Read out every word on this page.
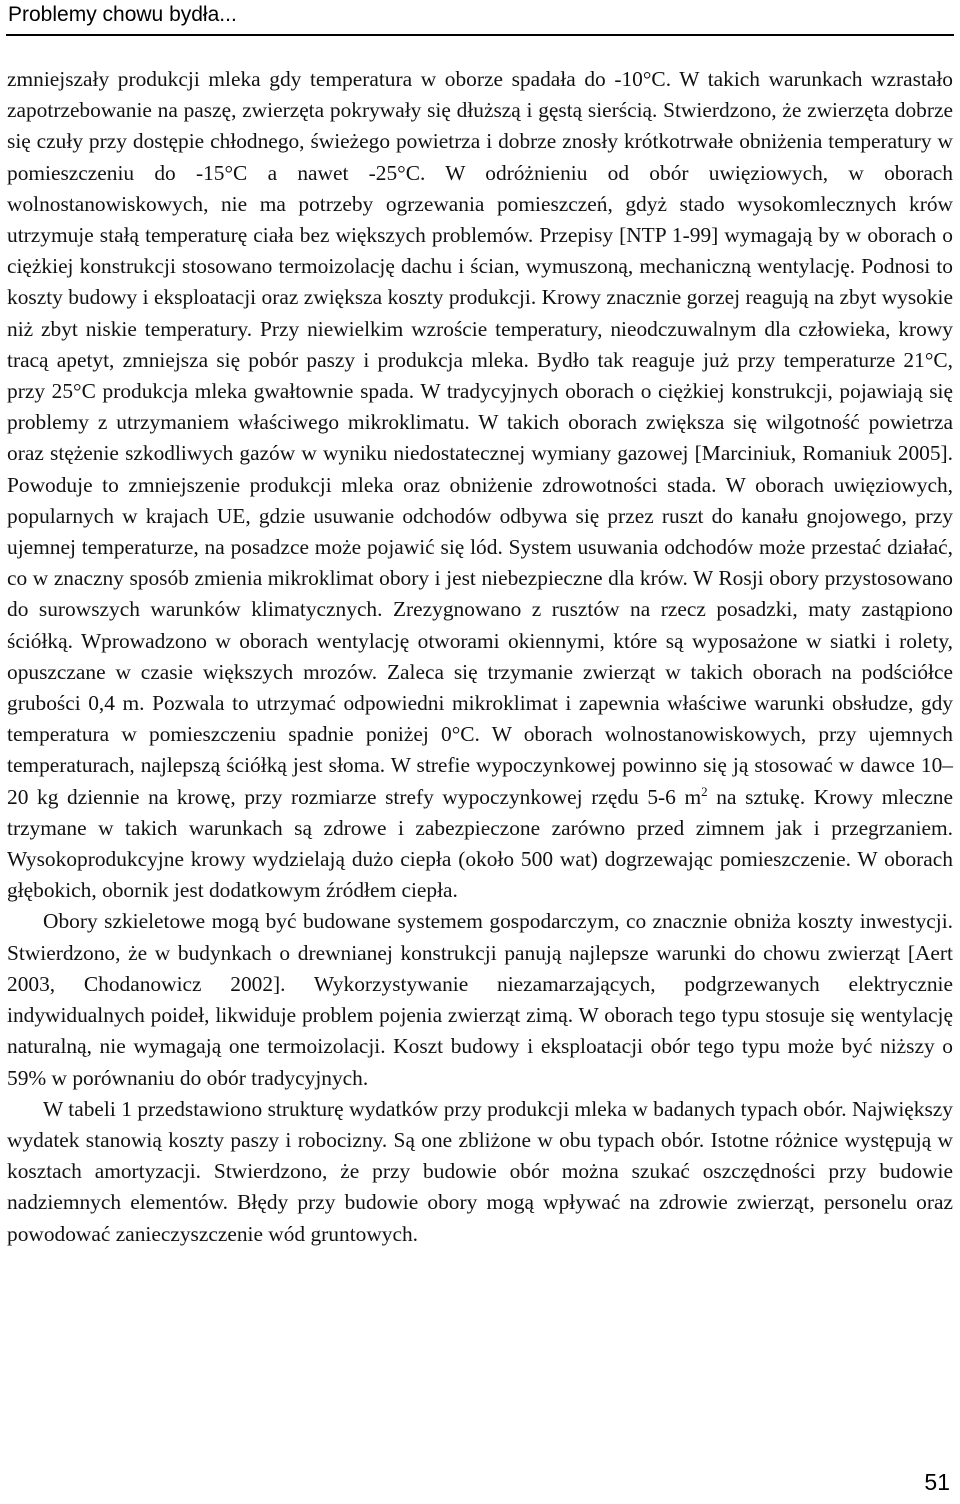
Problemy chowu bydła...

zmniejszały produkcji mleka gdy temperatura w oborze spadała do -10°C. W takich warunkach wzrastało zapotrzebowanie na paszę, zwierzęta pokrywały się dłuższą i gęstą sierścią. Stwierdzono, że zwierzęta dobrze się czuły przy dostępie chłodnego, świeżego powietrza i dobrze znosły krótkotrwałe obniżenia temperatury w pomieszczeniu do -15°C a nawet -25°C. W odróżnieniu od obór uwięziowych, w oborach wolnostanowiskowych, nie ma potrzeby ogrzewania pomieszczeń, gdyż stado wysokomlecznych krów utrzymuje stałą temperaturę ciała bez większych problemów. Przepisy [NTP 1-99] wymagają by w oborach o ciężkiej konstrukcji stosowano termoizolację dachu i ścian, wymuszoną, mechaniczną wentylację. Podnosi to koszty budowy i eksploatacji oraz zwiększa koszty produkcji. Krowy znacznie gorzej reagują na zbyt wysokie niż zbyt niskie temperatury. Przy niewielkim wzroście temperatury, nieodczuwalnym dla człowieka, krowy tracą apetyt, zmniejsza się pobór paszy i produkcja mleka. Bydło tak reaguje już przy temperaturze 21°C, przy 25°C produkcja mleka gwałtownie spada. W tradycyjnych oborach o ciężkiej konstrukcji, pojawiają się problemy z utrzymaniem właściwego mikroklimatu. W takich oborach zwiększa się wilgotność powietrza oraz stężenie szkodliwych gazów w wyniku niedostatecznej wymiany gazowej [Marciniuk, Romaniuk 2005]. Powoduje to zmniejszenie produkcji mleka oraz obniżenie zdrowotności stada. W oborach uwięziowych, popularnych w krajach UE, gdzie usuwanie odchodów odbywa się przez ruszt do kanału gnojowego, przy ujemnej temperaturze, na posadzce może pojawić się lód. System usuwania odchodów może przestać działać, co w znaczny sposób zmienia mikroklimat obory i jest niebezpieczne dla krów. W Rosji obory przystosowano do surowszych warunków klimatycznych. Zrezygnowano z rusztów na rzecz posadzki, maty zastąpiono ściółką. Wprowadzono w oborach wentylację otworami okiennymi, które są wyposażone w siatki i rolety, opuszczane w czasie większych mrozów. Zaleca się trzymanie zwierząt w takich oborach na podściółce grubości 0,4 m. Pozwala to utrzymać odpowiedni mikroklimat i zapewnia właściwe warunki obsłudze, gdy temperatura w pomieszczeniu spadnie poniżej 0°C. W oborach wolnostanowiskowych, przy ujemnych temperaturach, najlepszą ściółką jest słoma. W strefie wypoczynkowej powinno się ją stosować w dawce 10–20 kg dziennie na krowę, przy rozmiarze strefy wypoczynkowej rzędu 5-6 $m^2$ na sztukę. Krowy mleczne trzymane w takich warunkach są zdrowe i zabezpieczone zarówno przed zimnem jak i przegrzaniem. Wysokoprodukcyjne krowy wydzielają dużo ciepła (około 500 wat) dogrzewając pomieszczenie. W oborach głębokich, obornik jest dodatkowym źródłem ciepła.

Obory szkieletowe mogą być budowane systemem gospodarczym, co znacznie obniża koszty inwestycji. Stwierdzono, że w budynkach o drewnianej konstrukcji panują najlepsze warunki do chowu zwierząt [Aert 2003, Chodanowicz 2002]. Wykorzystywanie niezamarzających, podgrzewanych elektrycznie indywidualnych poideł, likwiduje problem pojenia zwierząt zimą. W oborach tego typu stosuje się wentylację naturalną, nie wymagają one termoizolacji. Koszt budowy i eksploatacji obór tego typu może być niższy o 59% w porównaniu do obór tradycyjnych.

W tabeli 1 przedstawiono strukturę wydatków przy produkcji mleka w badanych typach obór. Największy wydatek stanowią koszty paszy i robocizny. Są one zbliżone w obu typach obór. Istotne różnice występują w kosztach amortyzacji. Stwierdzono, że przy budowie obór można szukać oszczędności przy budowie nadziemnych elementów. Błędy przy budowie obory mogą wpływać na zdrowie zwierząt, personelu oraz powodować zanieczyszczenie wód gruntowych.

51
